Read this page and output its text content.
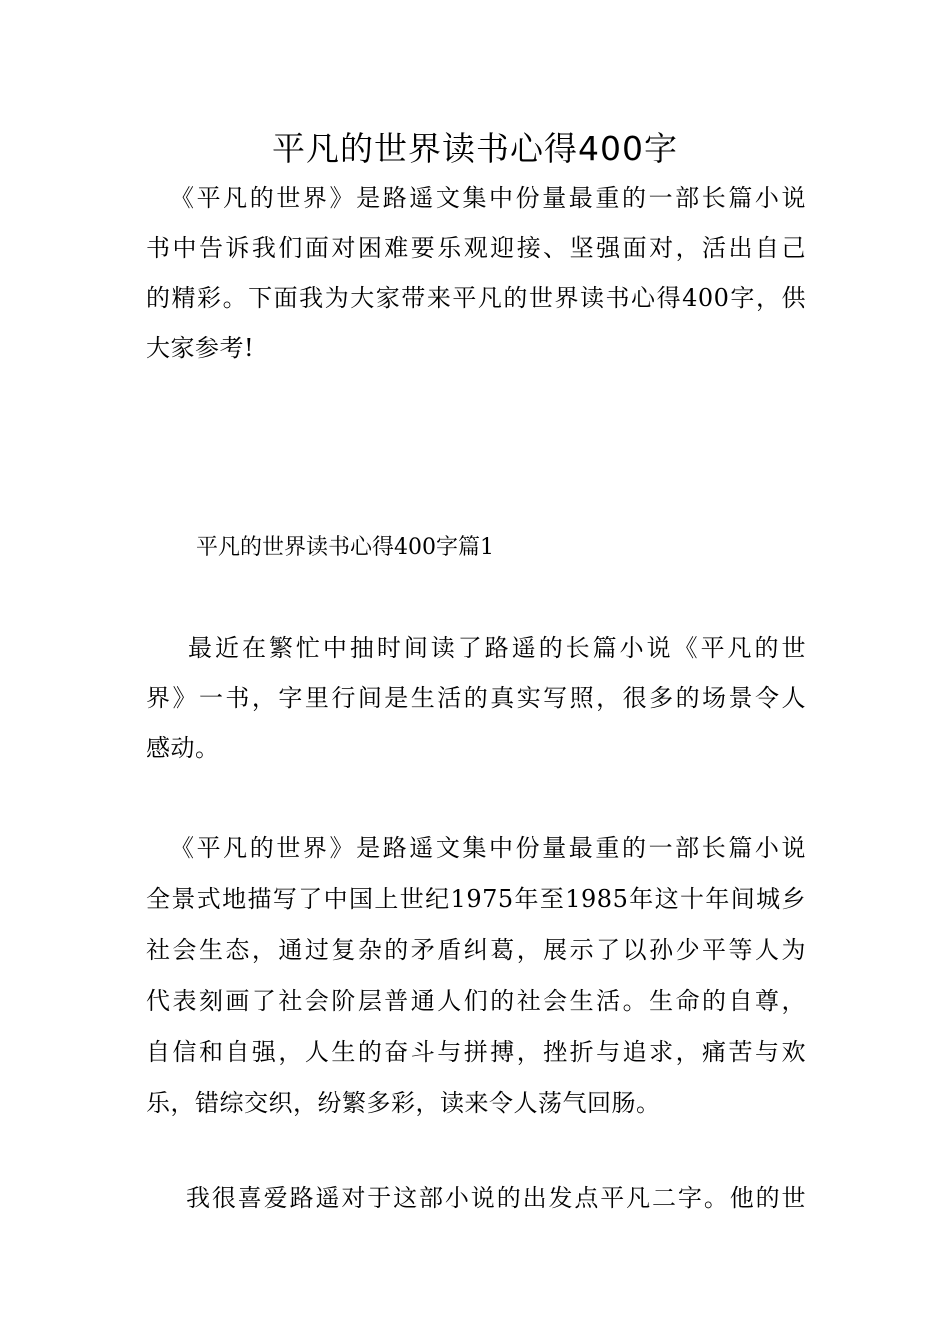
平凡的世界读书心得400字
《平凡的世界》是路遥文集中份量最重的一部长篇小说
书中告诉我们面对困难要乐观迎接、坚强面对，活出自己
的精彩。下面我为大家带来平凡的世界读书心得400字，供
大家参考!
平凡的世界读书心得400字篇1
最近在繁忙中抽时间读了路遥的长篇小说《平凡的世
界》一书，字里行间是生活的真实写照，很多的场景令人
感动。
《平凡的世界》是路遥文集中份量最重的一部长篇小说
全景式地描写了中国上世纪1975年至1985年这十年间城乡
社会生态，通过复杂的矛盾纠葛，展示了以孙少平等人为
代表刻画了社会阶层普通人们的社会生活。生命的自尊，
自信和自强，人生的奋斗与拼搏，挫折与追求，痛苦与欢
乐，错综交织，纷繁多彩，读来令人荡气回肠。
我很喜爱路遥对于这部小说的出发点平凡二字。他的世
